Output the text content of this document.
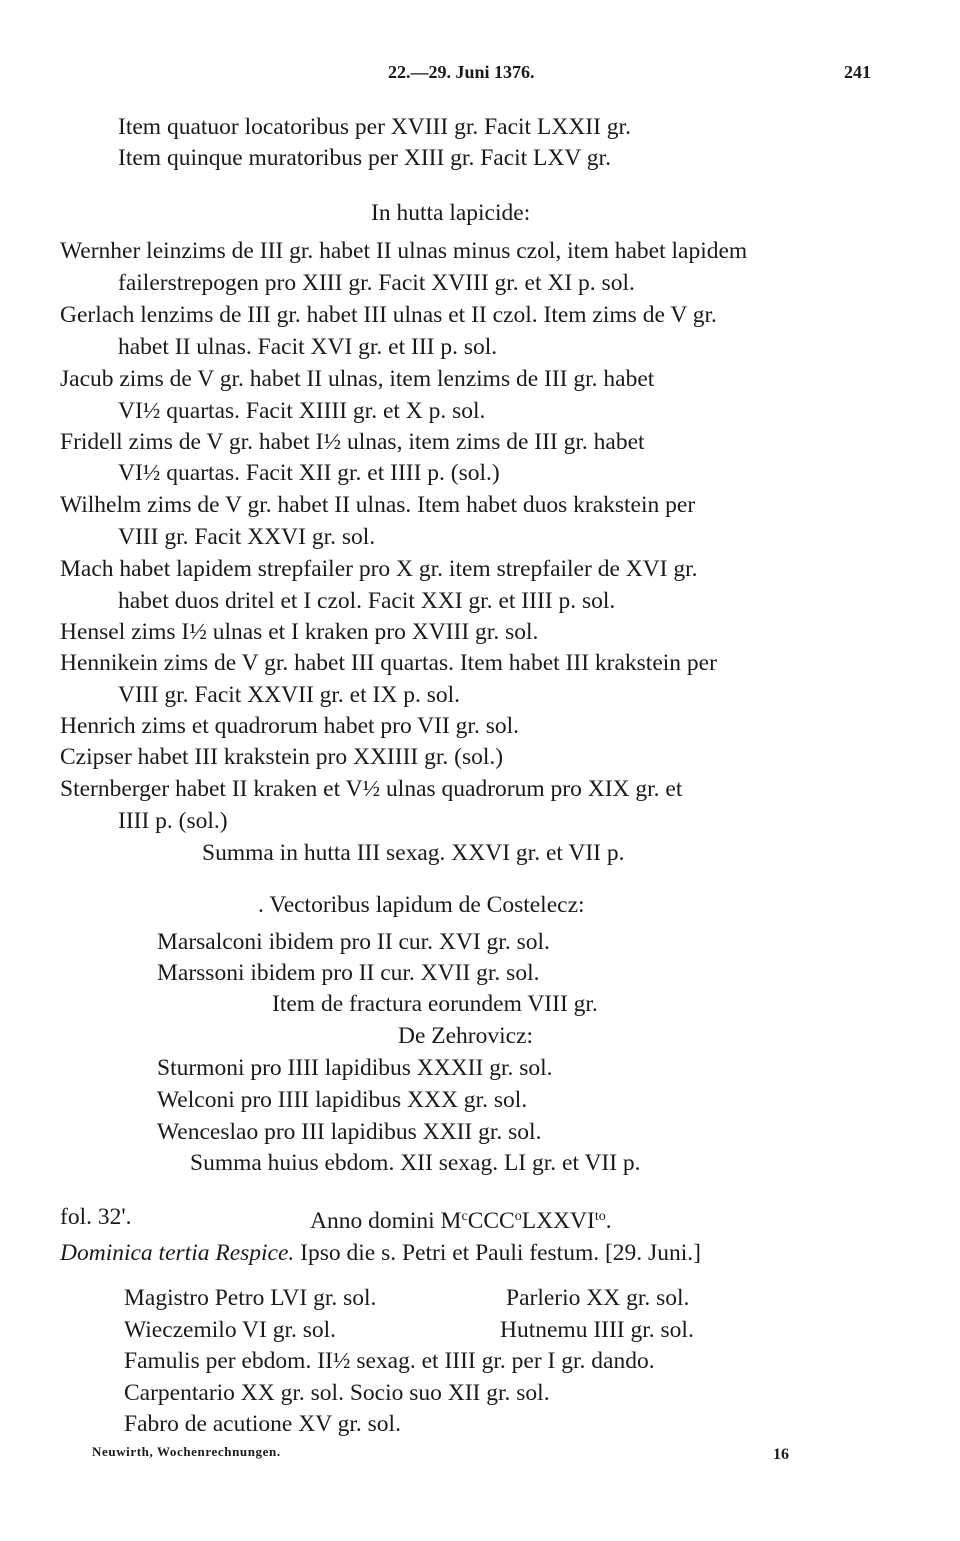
22.—29. Juni 1376.	241
Item quatuor locatoribus per XVIII gr. Facit LXXII gr.
Item quinque muratoribus per XIII gr. Facit LXV gr.
In hutta lapicide:
Wernher leinzims de III gr. habet II ulnas minus czol, item habet lapidem
failerstrepogen pro XIII gr. Facit XVIII gr. et XI p. sol.
Gerlach lenzims de III gr. habet III ulnas et II czol. Item zims de V gr.
habet II ulnas. Facit XVI gr. et III p. sol.
Jacub zims de V gr. habet II ulnas, item lenzims de III gr. habet
VI½ quartas. Facit XIIII gr. et X p. sol.
Fridell zims de V gr. habet I½ ulnas, item zims de III gr. habet
VI½ quartas. Facit XII gr. et IIII p. (sol.)
Wilhelm zims de V gr. habet II ulnas. Item habet duos krakstein per
VIII gr. Facit XXVI gr. sol.
Mach habet lapidem strepfailer pro X gr. item strepfailer de XVI gr.
habet duos dritel et I czol. Facit XXI gr. et IIII p. sol.
Hensel zims I½ ulnas et I kraken pro XVIII gr. sol.
Hennikein zims de V gr. habet III quartas. Item habet III krakstein per
VIII gr. Facit XXVII gr. et IX p. sol.
Henrich zims et quadrorum habet pro VII gr. sol.
Czipser habet III krakstein pro XXIIII gr. (sol.)
Sternberger habet II kraken et V½ ulnas quadrorum pro XIX gr. et
IIII p. (sol.)
Summa in hutta III sexag. XXVI gr. et VII p.
. Vectoribus lapidum de Costelecz:
Marsalconi ibidem pro II cur. XVI gr. sol.
Marssoni ibidem pro II cur. XVII gr. sol.
Item de fractura eorundem VIII gr.
De Zehrovicz:
Sturmoni pro IIII lapidibus XXXII gr. sol.
Welconi pro IIII lapidibus XXX gr. sol.
Wenceslao pro III lapidibus XXII gr. sol.
Summa huius ebdom. XII sexag. LI gr. et VII p.
fol. 32'.	Anno domini $M^cCCC^oLXXVI^{to}$.
Dominica tertia Respice. Ipso die s. Petri et Pauli festum. [29. Juni.]
Magistro Petro LVI gr. sol.	Parlerio XX gr. sol.
Wieczemilo VI gr. sol.	Hutnemu IIII gr. sol.
Famulis per ebdom. II½ sexag. et IIII gr. per I gr. dando.
Carpentario XX gr. sol. Socio suo XII gr. sol.
Fabro de acutione XV gr. sol.
Neuwirth, Wochenrechnungen.	16
